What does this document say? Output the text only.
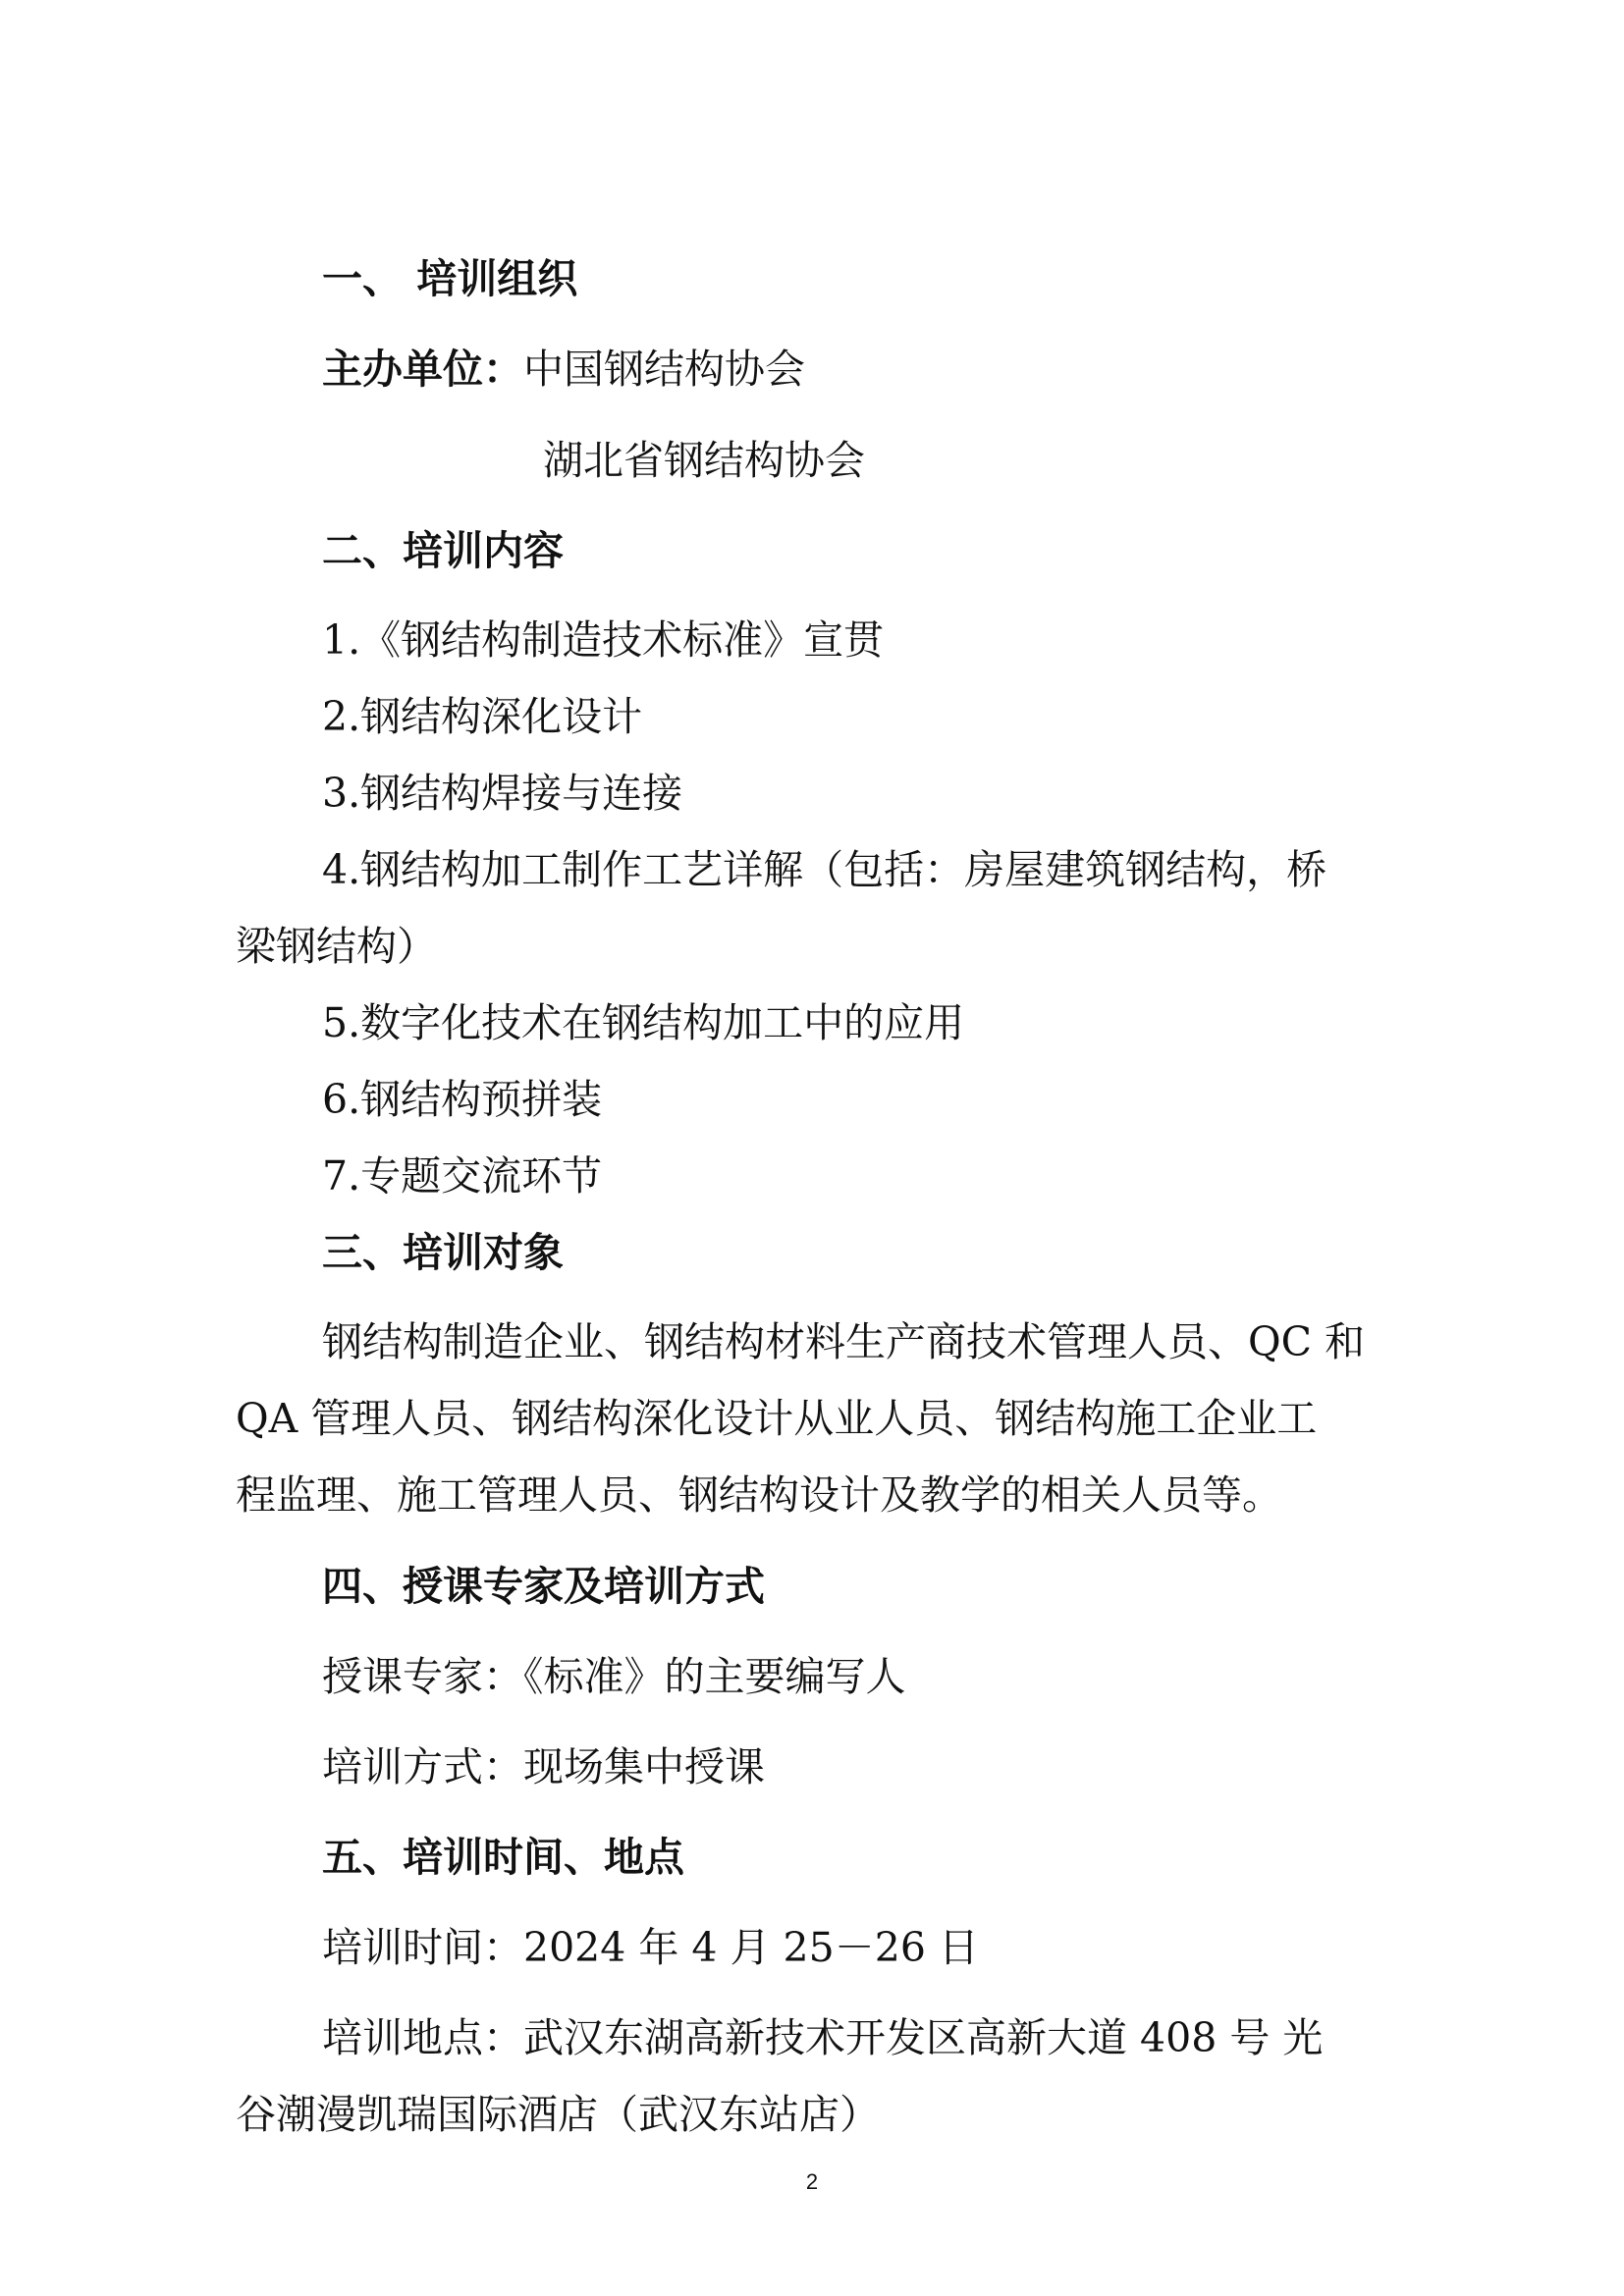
一、 培训组织
主办单位：中国钢结构协会
湖北省钢结构协会
二、培训内容
1.《钢结构制造技术标准》宣贯
2.钢结构深化设计
3.钢结构焊接与连接
4.钢结构加工制作工艺详解（包括：房屋建筑钢结构，桥
梁钢结构）
5.数字化技术在钢结构加工中的应用
6.钢结构预拼装
7.专题交流环节
三、培训对象
钢结构制造企业、钢结构材料生产商技术管理人员、QC 和
QA 管理人员、钢结构深化设计从业人员、钢结构施工企业工
程监理、施工管理人员、钢结构设计及教学的相关人员等。
四、授课专家及培训方式
授课专家：《标准》的主要编写人
培训方式：现场集中授课
五、培训时间、地点
培训时间：2024 年 4 月 25－26 日
培训地点：武汉东湖高新技术开发区高新大道 408 号 光
谷潮漫凯瑞国际酒店（武汉东站店）
2
